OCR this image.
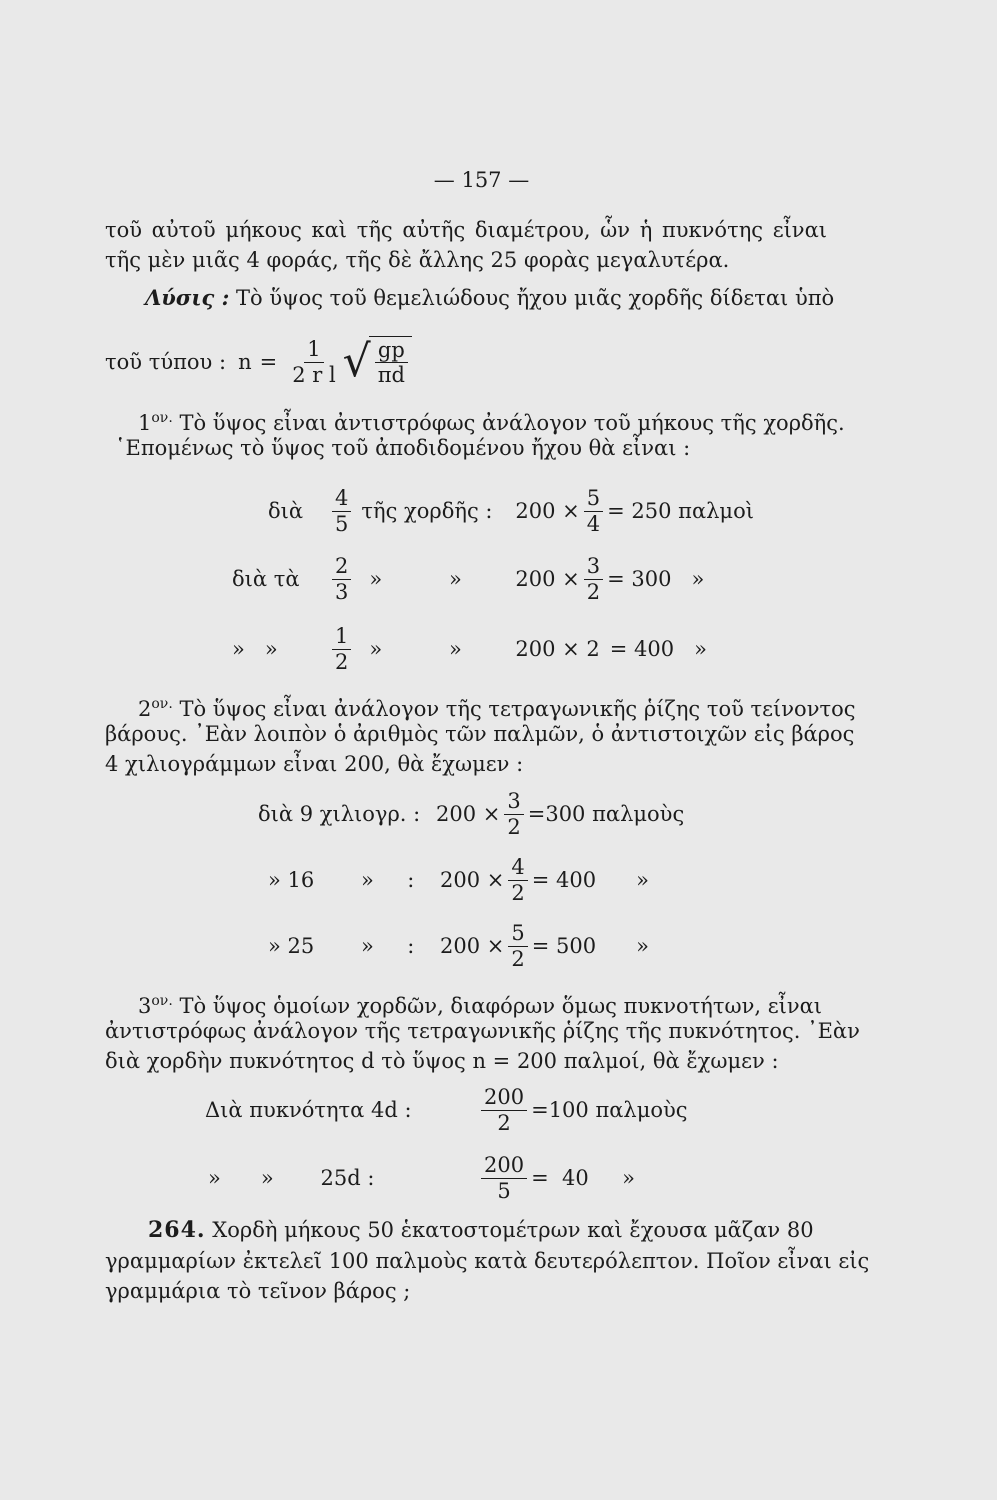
— 157 —
τοῦ αὐτοῦ μήκους καὶ τῆς αὐτῆς διαμέτρου, ὧν ἡ πυκνότης εἶναι
τῆς μὲν μιᾶς 4 φοράς, τῆς δὲ ἄλλης 25 φορὰς μεγαλυτέρα.
Λύσις : Τὸ ὕψος τοῦ θεμελιώδους ἤχου μιᾶς χορδῆς δίδεται ὑπὸ
τοῦ τύπου : $n = \frac{1}{\text{2 r l}}$ √ $\frac{gp}{\pi d}$
$1^{o\nu.}$ Τὸ ὕψος εἶναι ἀντιστρόφως ἀνάλογον τοῦ μήκους τῆς χορδῆς.
῾Επομένως τὸ ὕψος τοῦ ἀποδιδομένου ἤχου θὰ εἶναι :
διὰ	$\frac{4}{5}$ τῆς χορδῆς :	$200 \times \frac{5}{4} = 250$ παλμοὶ
διὰ τὰ	$\frac{2}{3}$ »          »	$200 \times \frac{3}{2} = 300$   »
»   »	$\frac{1}{2}$ »          »	200 × 2 = 400   »
$2^{o\nu.}$ Τὸ ὕψος εἶναι ἀνάλογον τῆς τετραγωνικῆς ῥίζης τοῦ τείνοντος
βάρους. ᾿Εὰν λοιπὸν ὁ ἀριθμὸς τῶν παλμῶν, ὁ ἀντιστοιχῶν εἰς βάρος
4 χιλιογράμμων εἶναι 200, θὰ ἔχωμεν :
διὰ 9 χιλιογρ. : $200 \times \frac{3}{2} =300$ παλμοὺς
» 16       »     :	$200 \times \frac{4}{2} = 400$      »
» 25       »     :	$200 \times \frac{5}{2} = 500$      »
$3^{o\nu.}$ Τὸ ὕψος ὁμοίων χορδῶν, διαφόρων ὅμως πυκνοτήτων, εἶναι
ἀντιστρόφως ἀνάλογον τῆς τετραγωνικῆς ῥίζης τῆς πυκνότητος. ᾿Εὰν
διὰ χορδὴν πυκνότητος d τὸ ὕψος n = 200 παλμοί, θὰ ἔχωμεν :
Διὰ πυκνότητα 4d :	$\frac{200}{2} =100$ παλμοὺς
»      »       25d :	$\frac{200}{5} = 40$     »
264. Χορδὴ μήκους 50 ἑκατοστομέτρων καὶ ἔχουσα μᾶζαν 80
γραμμαρίων ἐκτελεῖ 100 παλμοὺς κατὰ δευτερόλεπτον. Ποῖον εἶναι εἰς
γραμμάρια τὸ τεῖνον βάρος ;
